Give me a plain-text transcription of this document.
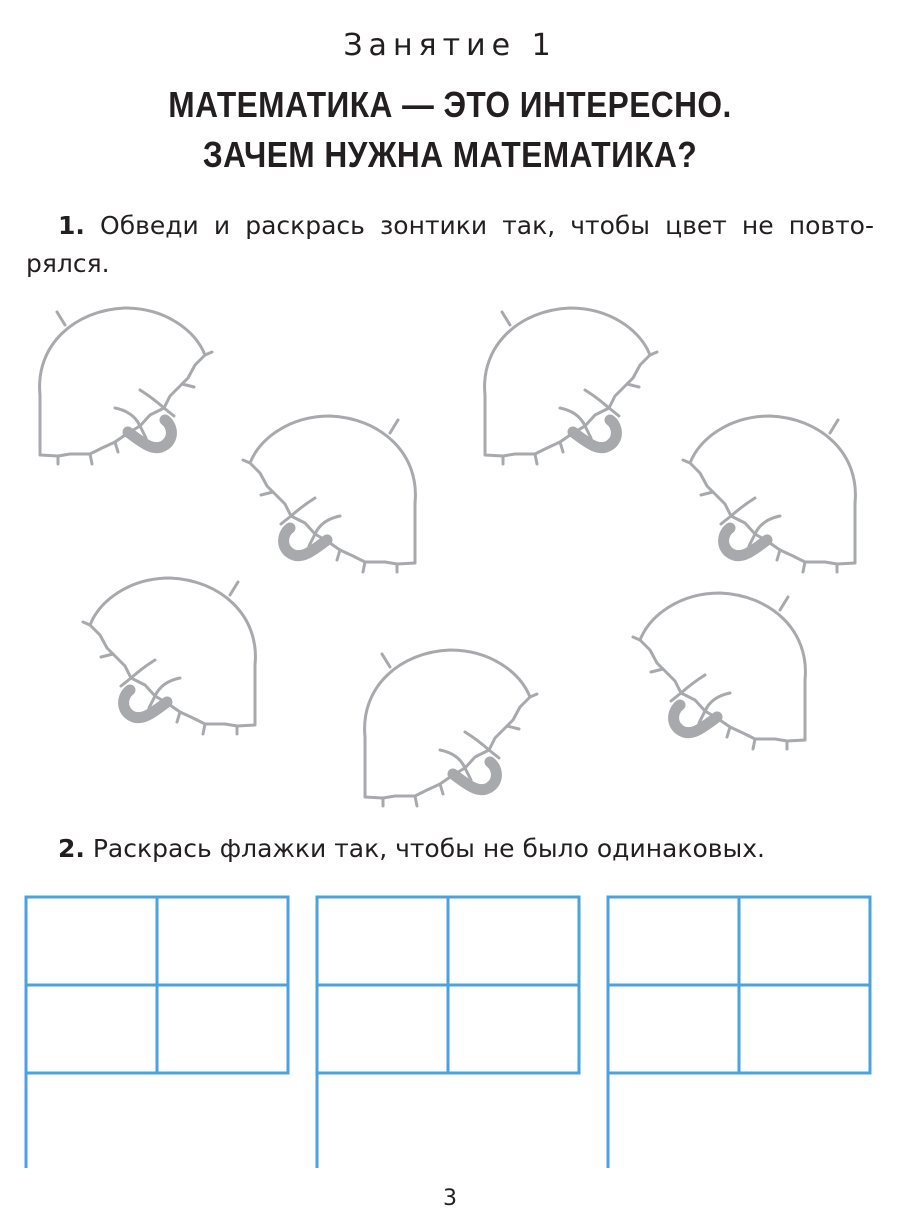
Занятие 1
МАТЕМАТИКА — ЭТО ИНТЕРЕСНО.
ЗАЧЕМ НУЖНА МАТЕМАТИКА?
1. Обведи и раскрась зонтики так, чтобы цвет не повто-
рялся.
2. Раскрась флажки так, чтобы не было одинаковых.
3
